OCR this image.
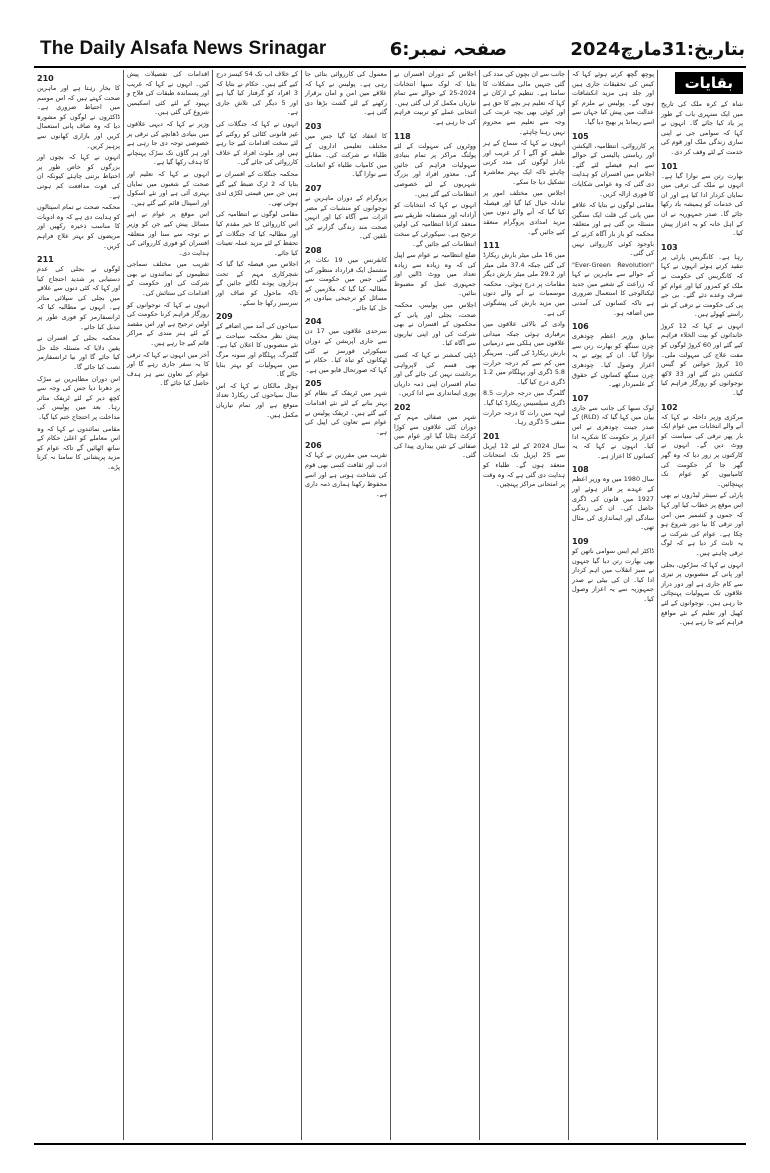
The Daily Alsafa News Srinagar	صفحہ نمبر:6	بتاریخ:31مارچ2024
بقایات

شاہ کے کرہ ملک کی تاریخ میں ایک سنہری باب کے طور پر یاد کیا جائے گا۔ انہوں نے کہا کہ سوامی جی نے اپنی ساری زندگی ملک اور قوم کی خدمت کے لئے وقف کر دی۔

101

بھارت رتن سے نوازا گیا ہے۔ انہوں نے ملک کی ترقی میں نمایاں کردار ادا کیا ہے اور ان کی خدمات کو ہمیشہ یاد رکھا جائے گا۔ صدر جمہوریہ نے ان کے اہل خانہ کو یہ اعزاز پیش کیا۔

103

رہا ہے۔ کانگریس پارٹی پر تنقید کرتے ہوئے انہوں نے کہا کہ کانگریس کی حکومت نے ملک کو کمزور کیا اور عوام کو صرف وعدے دئے گئے۔ بی جے پی کی حکومت نے ترقی کے نئے راستے کھولے ہیں۔

انہوں نے کہا کہ 12 کروڑ خاندانوں کو بیت الخلاء فراہم کیے گئے اور 60 کروڑ لوگوں کو مفت علاج کی سہولت ملی۔ 10 کروڑ خواتین کو گیس کنکشن دئے گئے اور 33 لاکھ نوجوانوں کو روزگار فراہم کیا گیا۔

102

مرکزی وزیر داخلہ نے کہا کہ آنے والے انتخابات میں عوام ایک بار پھر ترقی کی سیاست کو ووٹ دیں گے۔ انہوں نے کارکنوں پر زور دیا کہ وہ گھر گھر جا کر حکومت کی کامیابیوں کو عوام تک پہنچائیں۔

پارٹی کے سینئر لیڈروں نے بھی اس موقع پر خطاب کیا اور کہا کہ جموں و کشمیر میں امن اور ترقی کا نیا دور شروع ہو چکا ہے۔ عوام کی شرکت نے یہ ثابت کر دیا ہے کہ لوگ ترقی چاہتے ہیں۔

انہوں نے کہا کہ سڑکوں، بجلی اور پانی کے منصوبوں پر تیزی سے کام جاری ہے اور دور دراز علاقوں تک سہولیات پہنچائی جا رہی ہیں۔ نوجوانوں کے لئے کھیل اور تعلیم کے نئے مواقع فراہم کیے جا رہے ہیں۔

پوچھ گچھ کرتے ہوئے کہا کہ کیس کی تحقیقات جاری ہیں اور جلد ہی مزید انکشافات ہوں گے۔ پولیس نے ملزم کو عدالت میں پیش کیا جہاں سے اسے ریمانڈ پر بھیج دیا گیا۔

105

پر کارروائی، انتظامیہ، الیکشن اور ریاستی پالیسی کے حوالے سے اہم فیصلے لئے گئے۔ اجلاس میں افسران کو ہدایت دی گئی کہ وہ عوامی شکایات کا فوری ازالہ کریں۔

مقامی لوگوں نے بتایا کہ علاقے میں پانی کی قلت ایک سنگین مسئلہ بن گئی ہے اور متعلقہ محکمہ کو بار بار آگاہ کرنے کے باوجود کوئی کارروائی نہیں کی گئی۔

"Ever-Green Revolution" کے حوالے سے ماہرین نے کہا کہ زراعت کے شعبے میں جدید ٹیکنالوجی کا استعمال ضروری ہے تاکہ کسانوں کی آمدنی میں اضافہ ہو۔

106

سابق وزیر اعظم چودھری چرن سنگھ کو بھارت رتن سے نوازا گیا۔ ان کے پوتے نے یہ اعزاز وصول کیا۔ چودھری چرن سنگھ کسانوں کے حقوق کے علمبردار تھے۔

107

لوک سبھا کی جانب سے جاری بیان میں کہا گیا کہ (RLD) کے صدر جینت چودھری نے اس اعزاز پر حکومت کا شکریہ ادا کیا۔ انہوں نے کہا کہ یہ کسانوں کا اعزاز ہے۔

108

سال 1980 میں وہ وزیر اعظم کے عہدے پر فائز ہوئے اور 1927 میں قانون کی ڈگری حاصل کی۔ ان کی زندگی سادگی اور ایمانداری کی مثال تھی۔

109

ڈاکٹر ایم ایس سوامی ناتھن کو بھی بھارت رتن دیا گیا جنہوں نے سبز انقلاب میں اہم کردار ادا کیا۔ ان کی بیٹی نے صدر جمہوریہ سے یہ اعزاز وصول کیا۔

جانب سے ان بچوں کی مدد کی گئی جنہیں مالی مشکلات کا سامنا ہے۔ تنظیم کے ارکان نے کہا کہ تعلیم ہر بچے کا حق ہے اور کوئی بھی بچہ غربت کی وجہ سے تعلیم سے محروم نہیں رہنا چاہئے۔

انہوں نے کہا کہ سماج کے ہر طبقے کو آگے آ کر غریب اور نادار لوگوں کی مدد کرنی چاہئے تاکہ ایک بہتر معاشرہ تشکیل دیا جا سکے۔

اجلاس میں مختلف امور پر تبادلہ خیال کیا گیا اور فیصلہ کیا گیا کہ آنے والے دنوں میں مزید امدادی پروگرام منعقد کیے جائیں گے۔

111

میں 16 ملی میٹر بارش ریکارڈ کی گئی جبکہ 37.4 ملی میٹر اور 29.2 ملی میٹر بارش دیگر مقامات پر درج ہوئی۔ محکمہ موسمیات نے آنے والے دنوں میں مزید بارش کی پیشگوئی کی ہے۔

وادی کے بالائی علاقوں میں برفباری ہوئی جبکہ میدانی علاقوں میں ہلکی سے درمیانی بارش ریکارڈ کی گئی۔ سرینگر میں کم سے کم درجہ حرارت 5.8 ڈگری اور پہلگام میں 1.2 ڈگری درج کیا گیا۔

گلمرگ میں درجہ حرارت 8.5 ڈگری سیلسیس ریکارڈ کیا گیا۔ لیہہ میں رات کا درجہ حرارت منفی 5 ڈگری رہا۔

201

سال 2024 کے لئے 12 اپریل سے 25 اپریل تک امتحانات منعقد ہوں گے۔ طلباء کو ہدایت دی گئی ہے کہ وہ وقت پر امتحانی مراکز پہنچیں۔

اجلاس کے دوران افسران نے بتایا کہ لوک سبھا انتخابات 2024-25 کے حوالے سے تمام تیاریاں مکمل کر لی گئی ہیں۔ انتخابی عملے کو تربیت فراہم کی جا رہی ہے۔

118

ووٹروں کی سہولت کے لئے پولنگ مراکز پر تمام بنیادی سہولیات فراہم کی جائیں گی۔ معذور افراد اور بزرگ شہریوں کے لئے خصوصی انتظامات کیے گئے ہیں۔

انہوں نے کہا کہ انتخابات کو آزادانہ اور منصفانہ طریقے سے منعقد کرانا انتظامیہ کی اولین ترجیح ہے۔ سیکورٹی کے سخت انتظامات کیے جائیں گے۔

ضلع انتظامیہ نے عوام سے اپیل کی کہ وہ زیادہ سے زیادہ تعداد میں ووٹ ڈالیں اور جمہوری عمل کو مضبوط بنائیں۔

اجلاس میں پولیس، محکمہ صحت، بجلی اور پانی کے محکموں کے افسران نے بھی شرکت کی اور اپنی تیاریوں سے آگاہ کیا۔

ڈپٹی کمشنر نے کہا کہ کسی بھی قسم کی لاپرواہی برداشت نہیں کی جائے گی اور تمام افسران اپنی ذمہ داریاں پوری ایمانداری سے ادا کریں۔

202

شہر میں صفائی مہم کے دوران کئی علاقوں سے کوڑا کرکٹ ہٹایا گیا اور عوام میں صفائی کے تئیں بیداری پیدا کی گئی۔

معمول کی کارروائی بتائی جا رہی ہے۔ پولیس نے کہا کہ علاقے میں امن و امان برقرار رکھنے کے لئے گشت بڑھا دی گئی ہے۔

203

کا انعقاد کیا گیا جس میں مختلف تعلیمی اداروں کے طلباء نے شرکت کی۔ مقابلے میں کامیاب طلباء کو انعامات سے نوازا گیا۔

207

پروگرام کے دوران ماہرین نے نوجوانوں کو منشیات کے مضر اثرات سے آگاہ کیا اور انہیں صحت مند زندگی گزارنے کی تلقین کی۔

208

کانفرنس میں 19 نکات پر مشتمل ایک قرارداد منظور کی گئی جس میں حکومت سے مطالبہ کیا گیا کہ ملازمین کے مسائل کو ترجیحی بنیادوں پر حل کیا جائے۔

204

سرحدی علاقوں میں 17 دن سے جاری آپریشن کے دوران سیکورٹی فورسز نے کئی ٹھکانوں کو تباہ کیا۔ حکام نے کہا کہ صورتحال قابو میں ہے۔

205

شہر میں ٹریفک کے نظام کو بہتر بنانے کے لئے نئے اقدامات کیے گئے ہیں۔ ٹریفک پولیس نے عوام سے تعاون کی اپیل کی ہے۔

206

تقریب میں مقررین نے کہا کہ ادب اور ثقافت کسی بھی قوم کی شناخت ہوتی ہے اور اسے محفوظ رکھنا ہماری ذمہ داری ہے۔

کے خلاف اب تک 54 کیسز درج کیے گئے ہیں۔ حکام نے بتایا کہ 3 افراد کو گرفتار کیا گیا ہے اور 5 دیگر کی تلاش جاری ہے۔

انہوں نے کہا کہ جنگلات کی غیر قانونی کٹائی کو روکنے کے لئے سخت اقدامات کیے جا رہے ہیں اور ملوث افراد کے خلاف کارروائی کی جائے گی۔

محکمہ جنگلات کے افسران نے بتایا کہ 2 ٹرک ضبط کیے گئے ہیں جن میں قیمتی لکڑی لدی ہوئی تھی۔

مقامی لوگوں نے انتظامیہ کی اس کارروائی کا خیر مقدم کیا اور مطالبہ کیا کہ جنگلات کے تحفظ کے لئے مزید عملہ تعینات کیا جائے۔

اجلاس میں فیصلہ کیا گیا کہ شجرکاری مہم کے تحت ہزاروں پودے لگائے جائیں گے تاکہ ماحول کو صاف اور سرسبز رکھا جا سکے۔

209

سیاحوں کی آمد میں اضافے کے پیش نظر محکمہ سیاحت نے نئے منصوبوں کا اعلان کیا ہے۔ گلمرگ، پہلگام اور سونہ مرگ میں سہولیات کو بہتر بنایا جائے گا۔

ہوٹل مالکان نے کہا کہ اس سال سیاحوں کی ریکارڈ تعداد متوقع ہے اور تمام تیاریاں مکمل ہیں۔

اقدامات کی تفصیلات پیش کیں۔ انہوں نے کہا کہ غریب اور پسماندہ طبقات کی فلاح و بہبود کے لئے کئی اسکیمیں شروع کی گئی ہیں۔

وزیر نے کہا کہ دیہی علاقوں میں بنیادی ڈھانچے کی ترقی پر خصوصی توجہ دی جا رہی ہے اور ہر گاؤں تک سڑک پہنچانے کا ہدف رکھا گیا ہے۔

انہوں نے کہا کہ تعلیم اور صحت کے شعبوں میں نمایاں بہتری آئی ہے اور نئے اسکول اور اسپتال قائم کیے گئے ہیں۔

اس موقع پر عوام نے اپنے مسائل پیش کیے جن کو وزیر نے توجہ سے سنا اور متعلقہ افسران کو فوری کارروائی کی ہدایت دی۔

تقریب میں مختلف سماجی تنظیموں کے نمائندوں نے بھی شرکت کی اور حکومت کے اقدامات کی ستائش کی۔

انہوں نے کہا کہ نوجوانوں کو روزگار فراہم کرنا حکومت کی اولین ترجیح ہے اور اس مقصد کے لئے ہنر مندی کے مراکز قائم کیے جا رہے ہیں۔

آخر میں انہوں نے کہا کہ ترقی کا یہ سفر جاری رہے گا اور عوام کے تعاون سے ہر ہدف حاصل کیا جائے گا۔

210

کا بخار رہتا ہے اور ماہرین صحت کہتے ہیں کہ اس موسم میں احتیاط ضروری ہے۔ ڈاکٹروں نے لوگوں کو مشورہ دیا کہ وہ صاف پانی استعمال کریں اور بازاری کھانوں سے پرہیز کریں۔

انہوں نے کہا کہ بچوں اور بزرگوں کو خاص طور پر احتیاط برتنی چاہئے کیونکہ ان کی قوت مدافعت کم ہوتی ہے۔

محکمہ صحت نے تمام اسپتالوں کو ہدایت دی ہے کہ وہ ادویات کا مناسب ذخیرہ رکھیں اور مریضوں کو بہتر علاج فراہم کریں۔

211

لوگوں نے بجلی کی عدم دستیابی پر شدید احتجاج کیا اور کہا کہ کئی دنوں سے علاقے میں بجلی کی سپلائی متاثر ہے۔ انہوں نے مطالبہ کیا کہ ٹرانسفارمر کو فوری طور پر تبدیل کیا جائے۔

محکمہ بجلی کے افسران نے یقین دلایا کہ مسئلہ جلد حل کیا جائے گا اور نیا ٹرانسفارمر نصب کیا جائے گا۔

اس دوران مظاہرین نے سڑک پر دھرنا دیا جس کی وجہ سے کچھ دیر کے لئے ٹریفک متاثر رہا۔ بعد میں پولیس کی مداخلت پر احتجاج ختم کیا گیا۔

مقامی نمائندوں نے کہا کہ وہ اس معاملے کو اعلیٰ حکام کے ساتھ اٹھائیں گے تاکہ عوام کو مزید پریشانی کا سامنا نہ کرنا پڑے۔
